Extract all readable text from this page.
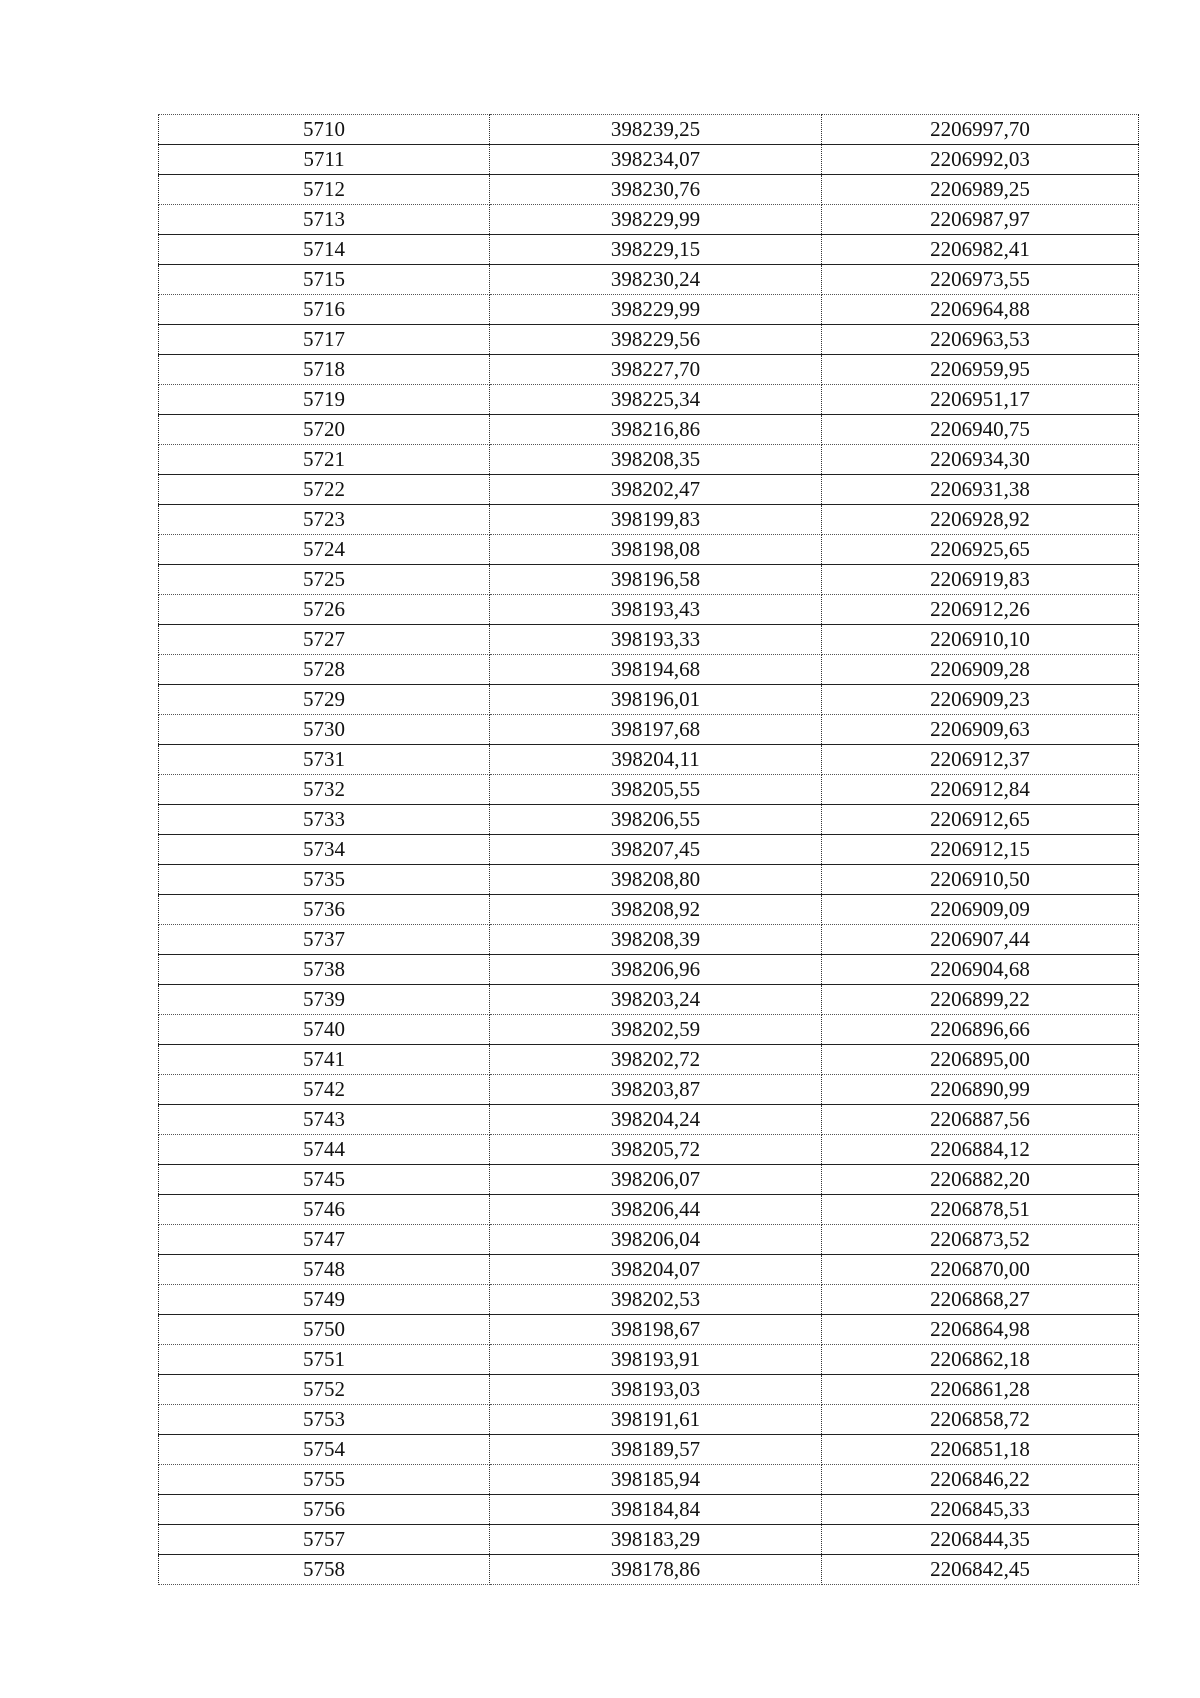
5710	398239,25	2206997,70
5711	398234,07	2206992,03
5712	398230,76	2206989,25
5713	398229,99	2206987,97
5714	398229,15	2206982,41
5715	398230,24	2206973,55
5716	398229,99	2206964,88
5717	398229,56	2206963,53
5718	398227,70	2206959,95
5719	398225,34	2206951,17
5720	398216,86	2206940,75
5721	398208,35	2206934,30
5722	398202,47	2206931,38
5723	398199,83	2206928,92
5724	398198,08	2206925,65
5725	398196,58	2206919,83
5726	398193,43	2206912,26
5727	398193,33	2206910,10
5728	398194,68	2206909,28
5729	398196,01	2206909,23
5730	398197,68	2206909,63
5731	398204,11	2206912,37
5732	398205,55	2206912,84
5733	398206,55	2206912,65
5734	398207,45	2206912,15
5735	398208,80	2206910,50
5736	398208,92	2206909,09
5737	398208,39	2206907,44
5738	398206,96	2206904,68
5739	398203,24	2206899,22
5740	398202,59	2206896,66
5741	398202,72	2206895,00
5742	398203,87	2206890,99
5743	398204,24	2206887,56
5744	398205,72	2206884,12
5745	398206,07	2206882,20
5746	398206,44	2206878,51
5747	398206,04	2206873,52
5748	398204,07	2206870,00
5749	398202,53	2206868,27
5750	398198,67	2206864,98
5751	398193,91	2206862,18
5752	398193,03	2206861,28
5753	398191,61	2206858,72
5754	398189,57	2206851,18
5755	398185,94	2206846,22
5756	398184,84	2206845,33
5757	398183,29	2206844,35
5758	398178,86	2206842,45
